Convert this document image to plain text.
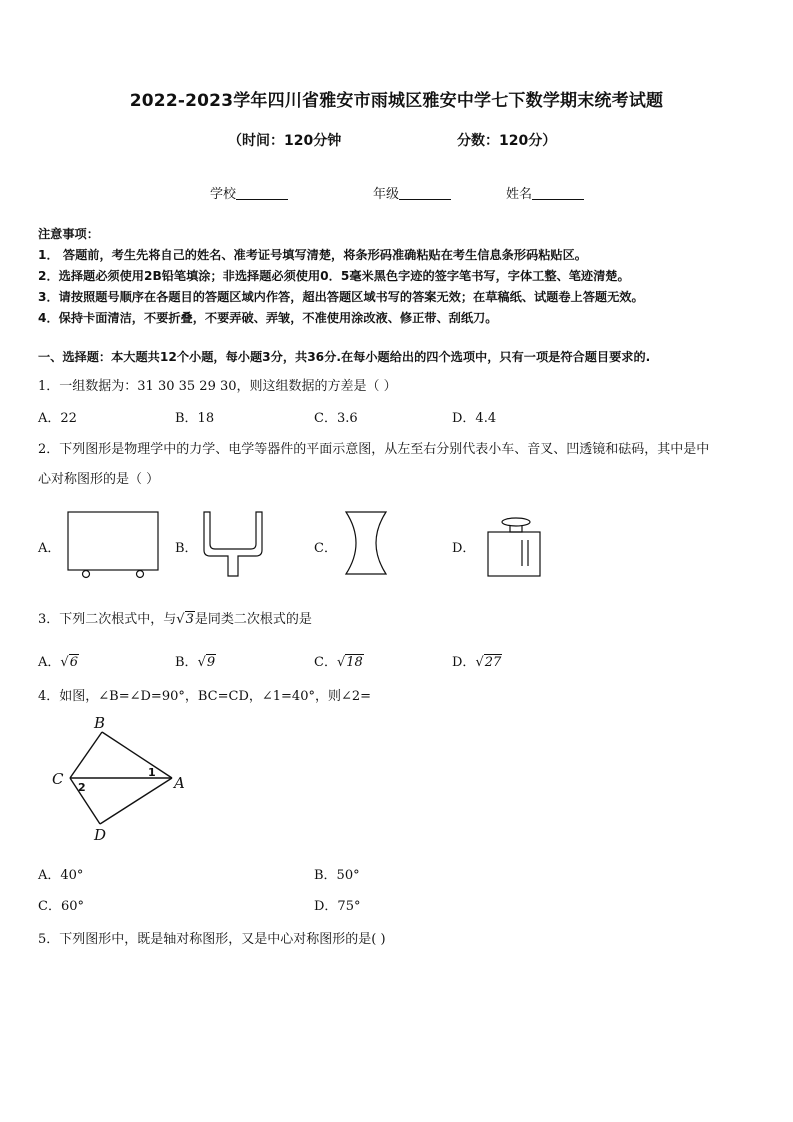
2022-2023学年四川省雅安市雨城区雅安中学七下数学期末统考试题
（时间：120分钟	分数：120分）
学校	年级	姓名
注意事项：
1． 答题前，考生先将自己的姓名、准考证号填写清楚，将条形码准确粘贴在考生信息条形码粘贴区。
2．选择题必须使用2B铅笔填涂；非选择题必须使用0．5毫米黑色字迹的签字笔书写，字体工整、笔迹清楚。
3．请按照题号顺序在各题目的答题区域内作答，超出答题区域书写的答案无效；在草稿纸、试题卷上答题无效。
4．保持卡面清洁，不要折叠，不要弄破、弄皱，不准使用涂改液、修正带、刮纸刀。
一、选择题：本大题共12个小题，每小题3分，共36分.在每小题给出的四个选项中，只有一项是符合题目要求的.
1．一组数据为：31 30 35 29 30，则这组数据的方差是（ ）
A．22	B．18	C．3.6	D．4.4
2．下列图形是物理学中的力学、电学等器件的平面示意图，从左至右分别代表小车、音叉、凹透镜和砝码，其中是中
心对称图形的是（ ）
A．	B．	C．	D．
3．下列二次根式中，与√3是同类二次根式的是
A．√6	B．√9	C．√18	D．√27
4．如图，∠B=∠D=90°，BC=CD，∠1=40°，则∠2=
B
C	A
D
1
2
A．40°	B．50°
C．60°	D．75°
5．下列图形中，既是轴对称图形，又是中心对称图形的是( )
